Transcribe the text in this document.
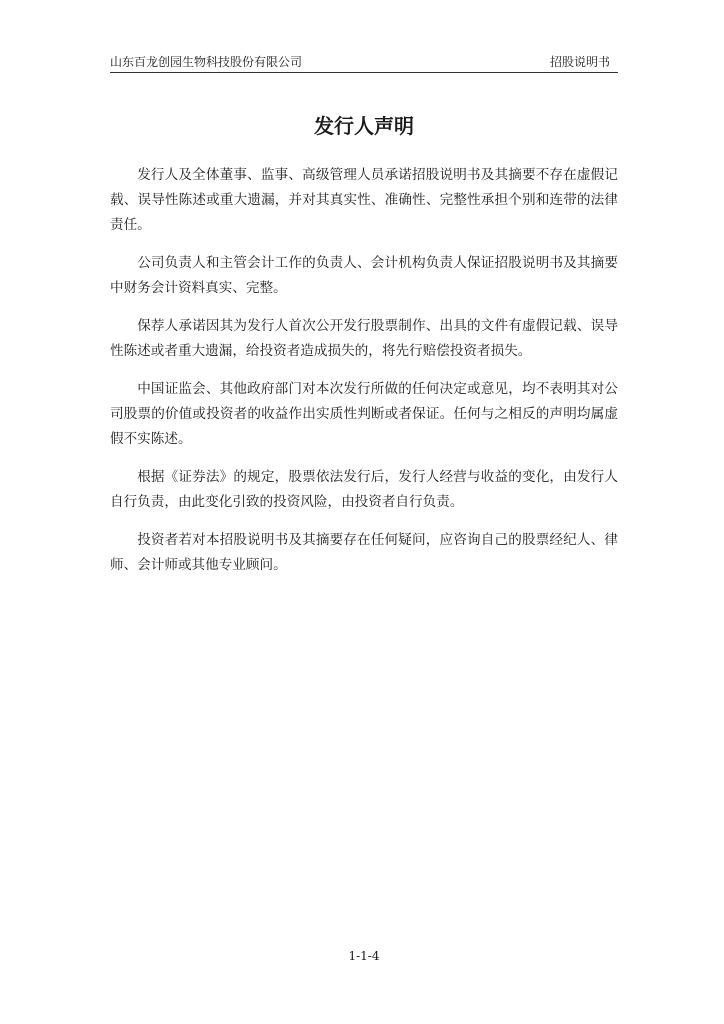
山东百龙创园生物科技股份有限公司	招股说明书
发行人声明

发行人及全体董事、监事、高级管理人员承诺招股说明书及其摘要不存在虚假记载、误导性陈述或重大遗漏，并对其真实性、准确性、完整性承担个别和连带的法律责任。

公司负责人和主管会计工作的负责人、会计机构负责人保证招股说明书及其摘要中财务会计资料真实、完整。

保荐人承诺因其为发行人首次公开发行股票制作、出具的文件有虚假记载、误导性陈述或者重大遗漏，给投资者造成损失的，将先行赔偿投资者损失。

中国证监会、其他政府部门对本次发行所做的任何决定或意见，均不表明其对公司股票的价值或投资者的收益作出实质性判断或者保证。任何与之相反的声明均属虚假不实陈述。

根据《证券法》的规定，股票依法发行后，发行人经营与收益的变化，由发行人自行负责，由此变化引致的投资风险，由投资者自行负责。

投资者若对本招股说明书及其摘要存在任何疑问，应咨询自己的股票经纪人、律师、会计师或其他专业顾问。

1-1-4
